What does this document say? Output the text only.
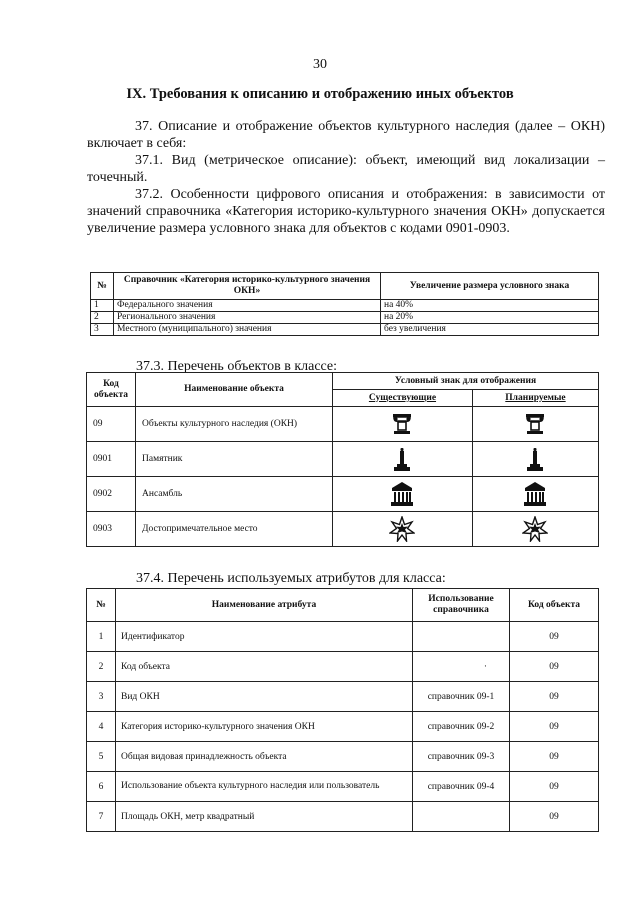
30
IX. Требования к описанию и отображению иных объектов
37. Описание и отображение объектов культурного наследия (далее – ОКН) включает в себя:
37.1. Вид (метрическое описание): объект, имеющий вид локализации – точечный.
37.2. Особенности цифрового описания и отображения: в зависимости от значений справочника «Категория историко-культурного значения ОКН» допускается увеличение размера условного знака для объектов с кодами 0901-0903.
№	Справочник «Категория историко-культурного значения ОКН»	Увеличение размера условного знака
1	Федерального значения	на 40%
2	Регионального значения	на 20%
3	Местного (муниципального) значения	без увеличения
37.3. Перечень объектов в классе:
Код объекта	Наименование объекта	Условный знак для отображения	
		Существующие	Планируемые
09	Объекты культурного наследия (ОКН)		
0901	Памятник		
0902	Ансамбль		
0903	Достопримечательное место		
37.4. Перечень используемых атрибутов для класса:
№	Наименование атрибута	Использование справочника	Код объекта
1	Идентификатор		09
2	Код объекта	·	09
3	Вид ОКН	справочник 09-1	09
4	Категория историко-культурного значения ОКН	справочник 09-2	09
5	Общая видовая принадлежность объекта	справочник 09-3	09
6	Использование объекта культурного наследия или пользователь	справочник 09-4	09
7	Площадь ОКН, метр квадратный		09
